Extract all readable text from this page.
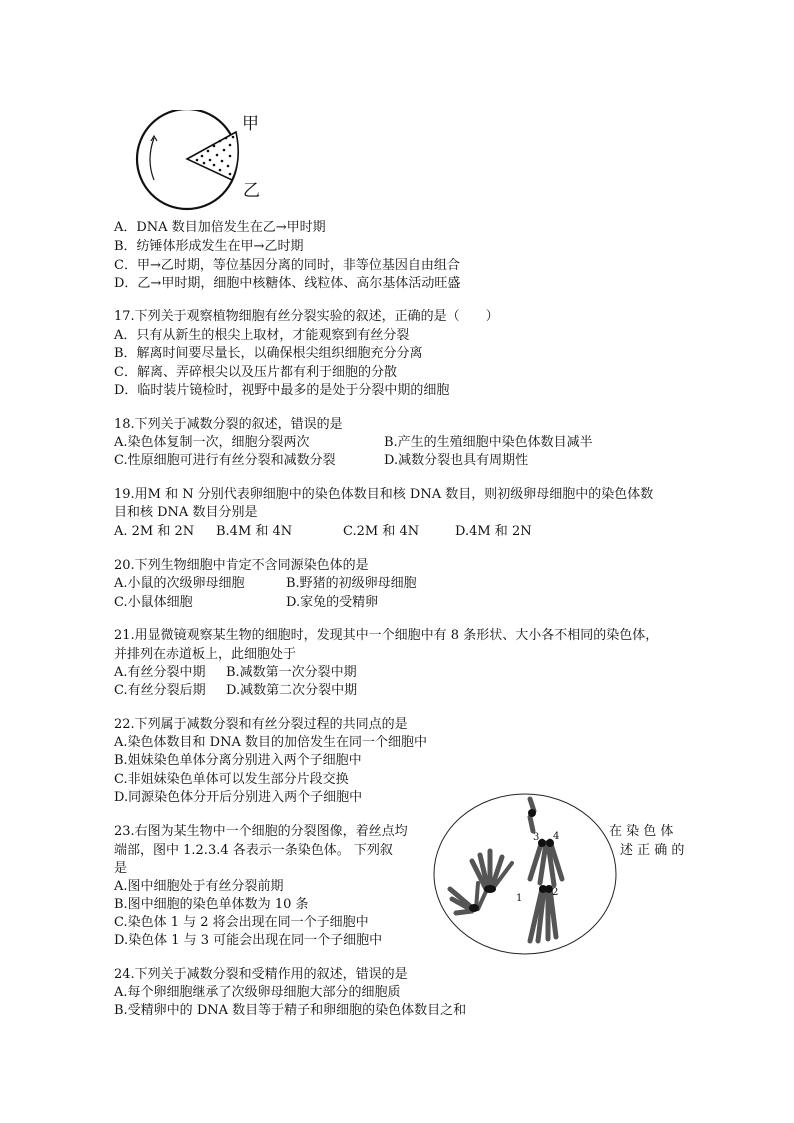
甲
乙
A．DNA 数目加倍发生在乙→甲时期
B．纺锤体形成发生在甲→乙时期
C．甲→乙时期，等位基因分离的同时，非等位基因自由组合
D．乙→甲时期，细胞中核糖体、线粒体、高尔基体活动旺盛
17.下列关于观察植物细胞有丝分裂实验的叙述，正确的是（　　）
A．只有从新生的根尖上取材，才能观察到有丝分裂
B．解离时间要尽量长，以确保根尖组织细胞充分分离
C．解离、弄碎根尖以及压片都有利于细胞的分散
D．临时装片镜检时，视野中最多的是处于分裂中期的细胞
18.下列关于减数分裂的叙述，错误的是
A.染色体复制一次，细胞分裂两次	B.产生的生殖细胞中染色体数目减半
C.性原细胞可进行有丝分裂和减数分裂	D.减数分裂也具有周期性
19.用M 和 N 分别代表卵细胞中的染色体数目和核 DNA 数目，则初级卵母细胞中的染色体数
目和核 DNA 数目分别是
A. 2M 和 2N B.4M 和 4N	C.2M 和 4N	D.4M 和 2N
20.下列生物细胞中肯定不含同源染色体的是
A.小鼠的次级卵母细胞	B.野猪的初级卵母细胞
C.小鼠体细胞	D.家兔的受精卵
21.用显微镜观察某生物的细胞时，发现其中一个细胞中有 8 条形状、大小各不相同的染色体，
并排列在赤道板上，此细胞处于
A.有丝分裂中期 B.减数第一次分裂中期
C.有丝分裂后期 D.减数第二次分裂中期
22.下列属于减数分裂和有丝分裂过程的共同点的是
A.染色体数目和 DNA 数目的加倍发生在同一个细胞中
B.姐妹染色单体分离分别进入两个子细胞中
C.非姐妹染色单体可以发生部分片段交换
D.同源染色体分开后分别进入两个子细胞中
23.右图为某生物中一个细胞的分裂图像，着丝点均	在 染 色 体
端部，图中 1.2.3.4 各表示一条染色体。 下列叙	述 正 确 的
是
A.图中细胞处于有丝分裂前期
B.图中细胞的染色单体数为 10 条
C.染色体 1 与 2 将会出现在同一个子细胞中
D.染色体 1 与 3 可能会出现在同一个子细胞中
1
2
3 4
24.下列关于减数分裂和受精作用的叙述，错误的是
A.每个卵细胞继承了次级卵母细胞大部分的细胞质
B.受精卵中的 DNA 数目等于精子和卵细胞的染色体数目之和
